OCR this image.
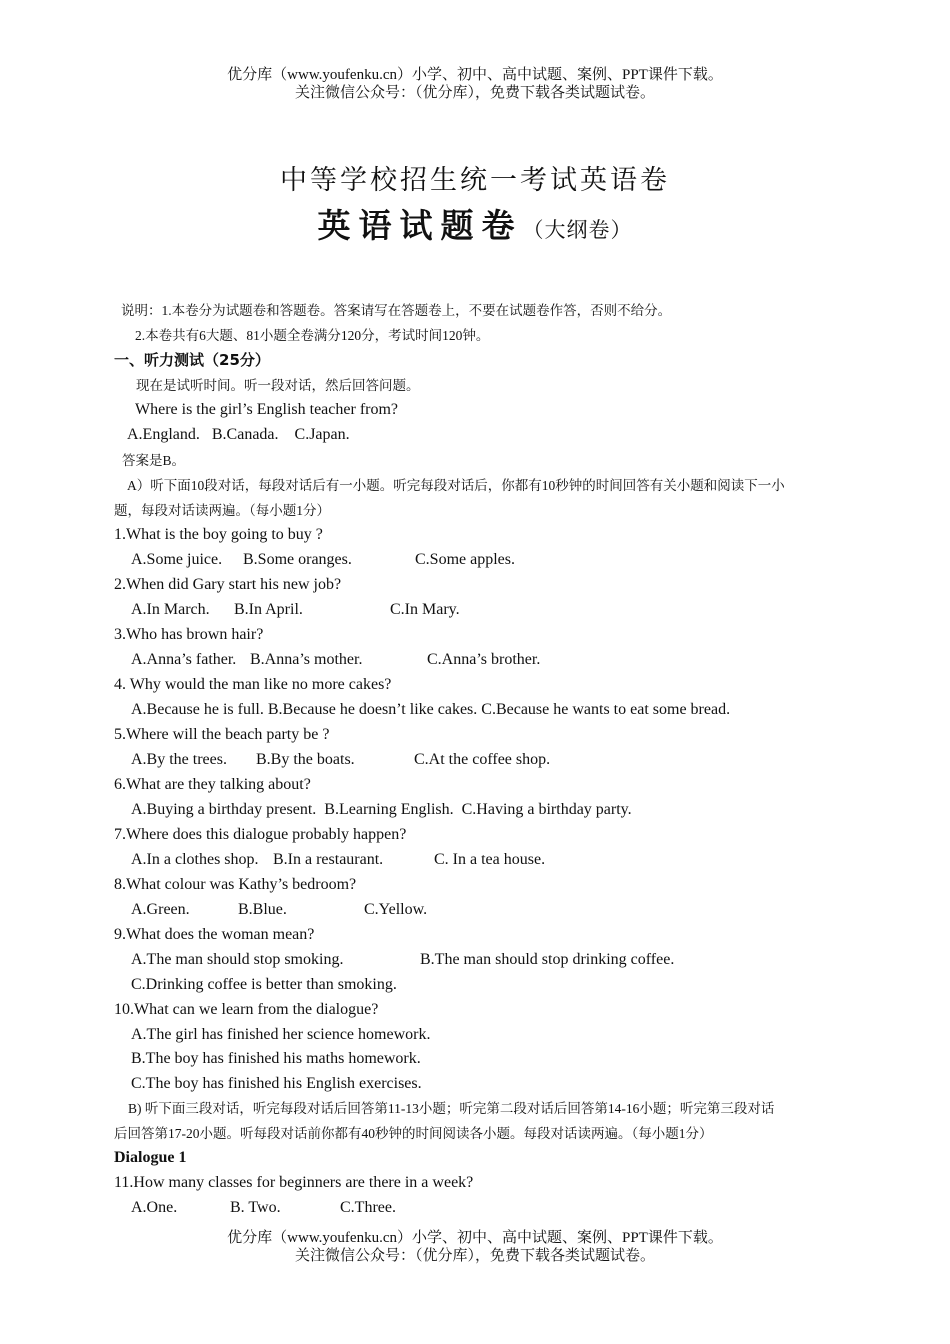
优分库（www.youfenku.cn）小学、初中、高中试题、案例、PPT课件下载。
关注微信公众号：（优分库），免费下载各类试题试卷。
中等学校招生统一考试英语卷
英语试题卷（大纲卷）
说明：1.本卷分为试题卷和答题卷。答案请写在答题卷上，不要在试题卷作答，否则不给分。
2.本卷共有6大题、81小题全卷满分120分，考试时间120钟。
一、听力测试（25分）
现在是试听时间。听一段对话，然后回答问题。
Where is the girl’s English teacher from?
A.England.   B.Canada.    C.Japan.
答案是B。
A）听下面10段对话，每段对话后有一小题。听完每段对话后，你都有10秒钟的时间回答有关小题和阅读下一小
题，每段对话读两遍。（每小题1分）
1.What is the boy going to buy ?
A.Some juice. B.Some oranges.	C.Some apples.
2.When did Gary start his new job?
A.In March. B.In April.	C.In Mary.
3.Who has brown hair?
A.Anna’s father. B.Anna’s mother.	C.Anna’s brother.
4. Why would the man like no more cakes?
A.Because he is full. B.Because he doesn’t like cakes. C.Because he wants to eat some bread.
5.Where will the beach party be ?
A.By the trees. B.By the boats.	C.At the coffee shop.
6.What are they talking about?
A.Buying a birthday present.  B.Learning English.  C.Having a birthday party.
7.Where does this dialogue probably happen?
A.In a clothes shop. B.In a restaurant.	C. In a tea house.
8.What colour was Kathy’s bedroom?
A.Green.	B.Blue.	C.Yellow.
9.What does the woman mean?
A.The man should stop smoking.	B.The man should stop drinking coffee.
C.Drinking coffee is better than smoking.
10.What can we learn from the dialogue?
A.The girl has finished her science homework.
B.The boy has finished his maths homework.
C.The boy has finished his English exercises.
B) 听下面三段对话，听完每段对话后回答第11-13小题；听完第二段对话后回答第14-16小题；听完第三段对话
后回答第17-20小题。听每段对话前你都有40秒钟的时间阅读各小题。每段对话读两遍。（每小题1分）
Dialogue 1
11.How many classes for beginners are there in a week?
A.One.	B. Two.	C.Three.
优分库（www.youfenku.cn）小学、初中、高中试题、案例、PPT课件下载。
关注微信公众号：（优分库），免费下载各类试题试卷。
